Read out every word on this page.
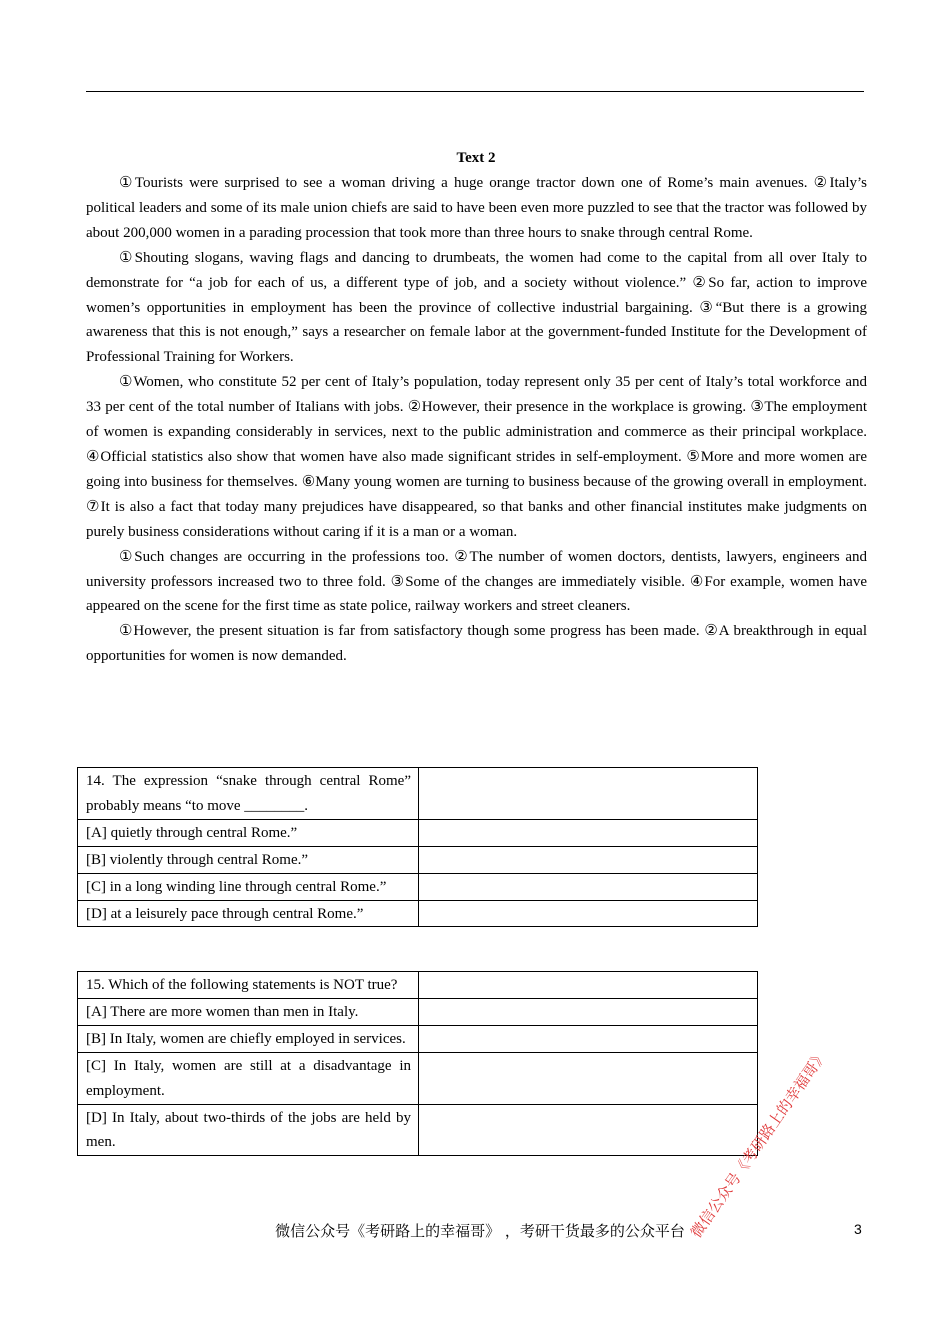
Text 2

①Tourists were surprised to see a woman driving a huge orange tractor down one of Rome’s main avenues. ②Italy’s political leaders and some of its male union chiefs are said to have been even more puzzled to see that the tractor was followed by about 200,000 women in a parading procession that took more than three hours to snake through central Rome.

①Shouting slogans, waving flags and dancing to drumbeats, the women had come to the capital from all over Italy to demonstrate for “a job for each of us, a different type of job, and a society without violence.” ②So far, action to improve women’s opportunities in employment has been the province of collective industrial bargaining. ③“But there is a growing awareness that this is not enough,” says a researcher on female labor at the government-funded Institute for the Development of Professional Training for Workers.

①Women, who constitute 52 per cent of Italy’s population, today represent only 35 per cent of Italy’s total workforce and 33 per cent of the total number of Italians with jobs. ②However, their presence in the workplace is growing. ③The employment of women is expanding considerably in services, next to the public administration and commerce as their principal workplace. ④Official statistics also show that women have also made significant strides in self-employment. ⑤More and more women are going into business for themselves. ⑥Many young women are turning to business because of the growing overall in employment. ⑦It is also a fact that today many prejudices have disappeared, so that banks and other financial institutes make judgments on purely business considerations without caring if it is a man or a woman.

①Such changes are occurring in the professions too. ②The number of women doctors, dentists, lawyers, engineers and university professors increased two to three fold. ③Some of the changes are immediately visible. ④For example, women have appeared on the scene for the first time as state police, railway workers and street cleaners.

①However, the present situation is far from satisfactory though some progress has been made. ②A breakthrough in equal opportunities for women is now demanded.

14. The expression “snake through central Rome” probably means “to move ________.	
[A] quietly through central Rome.”	
[B] violently through central Rome.”	
[C] in a long winding line through central Rome.”	
[D] at a leisurely pace through central Rome.”	
15. Which of the following statements is NOT true?	
[A] There are more women than men in Italy.	
[B] In Italy, women are chiefly employed in services.	
[C] In Italy, women are still at a disadvantage in employment.	
[D] In Italy, about two-thirds of the jobs are held by men.		微信公众号《考研路上的幸福哥》
微信公众号《考研路上的幸福哥》 ，考研干货最多的公众平台	3
